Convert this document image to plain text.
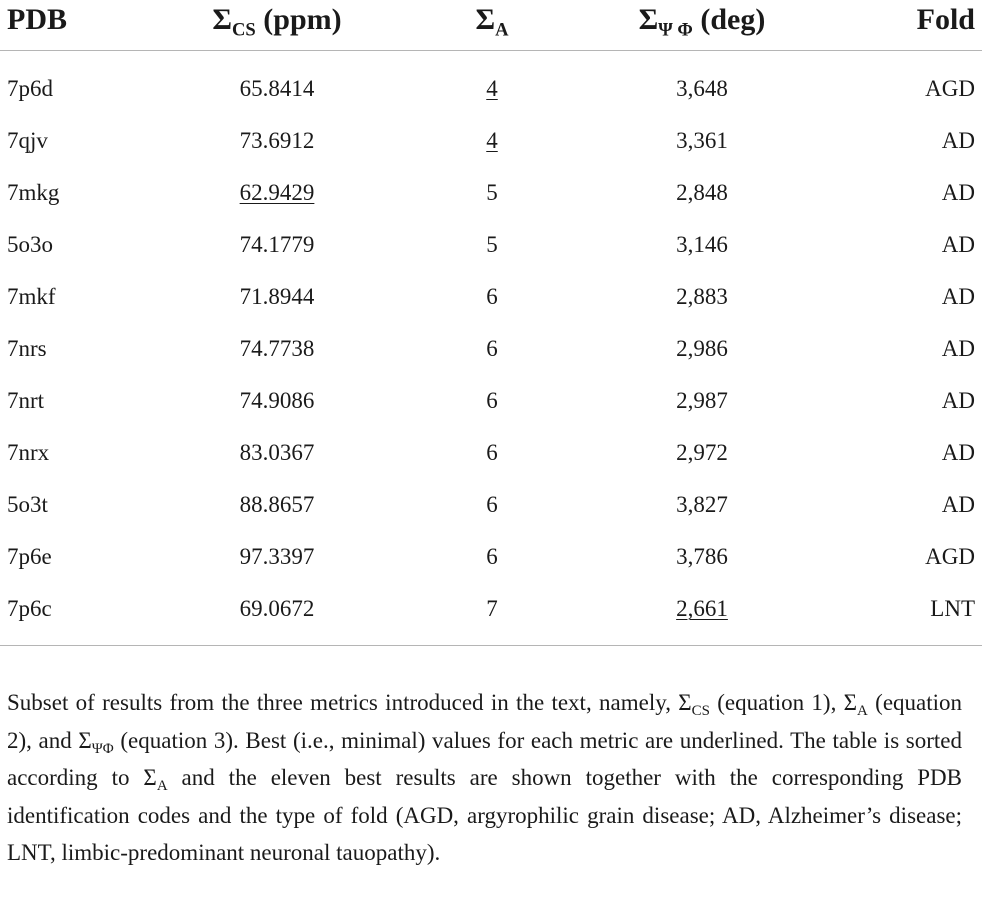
PDB	$\Sigma_{CS}$ (ppm)	$\Sigma_A$	$\Sigma_{\Psi \Phi}$ (deg)	Fold
7p6d	65.8414	4	3,648	AGD
7qjv	73.6912	4	3,361	AD
7mkg	62.9429	5	2,848	AD
5o3o	74.1779	5	3,146	AD
7mkf	71.8944	6	2,883	AD
7nrs	74.7738	6	2,986	AD
7nrt	74.9086	6	2,987	AD
7nrx	83.0367	6	2,972	AD
5o3t	88.8657	6	3,827	AD
7p6e	97.3397	6	3,786	AGD
7p6c	69.0672	7	2,661	LNT
Subset of results from the three metrics introduced in the text, namely, $\Sigma_{CS}$ (equation 1), $\Sigma_A$ (equation 2), and $\Sigma_{\Psi\Phi}$ (equation 3). Best (i.e., minimal) values for each metric are underlined. The table is sorted according to $\Sigma_A$ and the eleven best results are shown together with the corresponding PDB identification codes and the type of fold (AGD, argyrophilic grain disease; AD, Alzheimer’s disease; LNT, limbic-predominant neuronal tauopathy).
